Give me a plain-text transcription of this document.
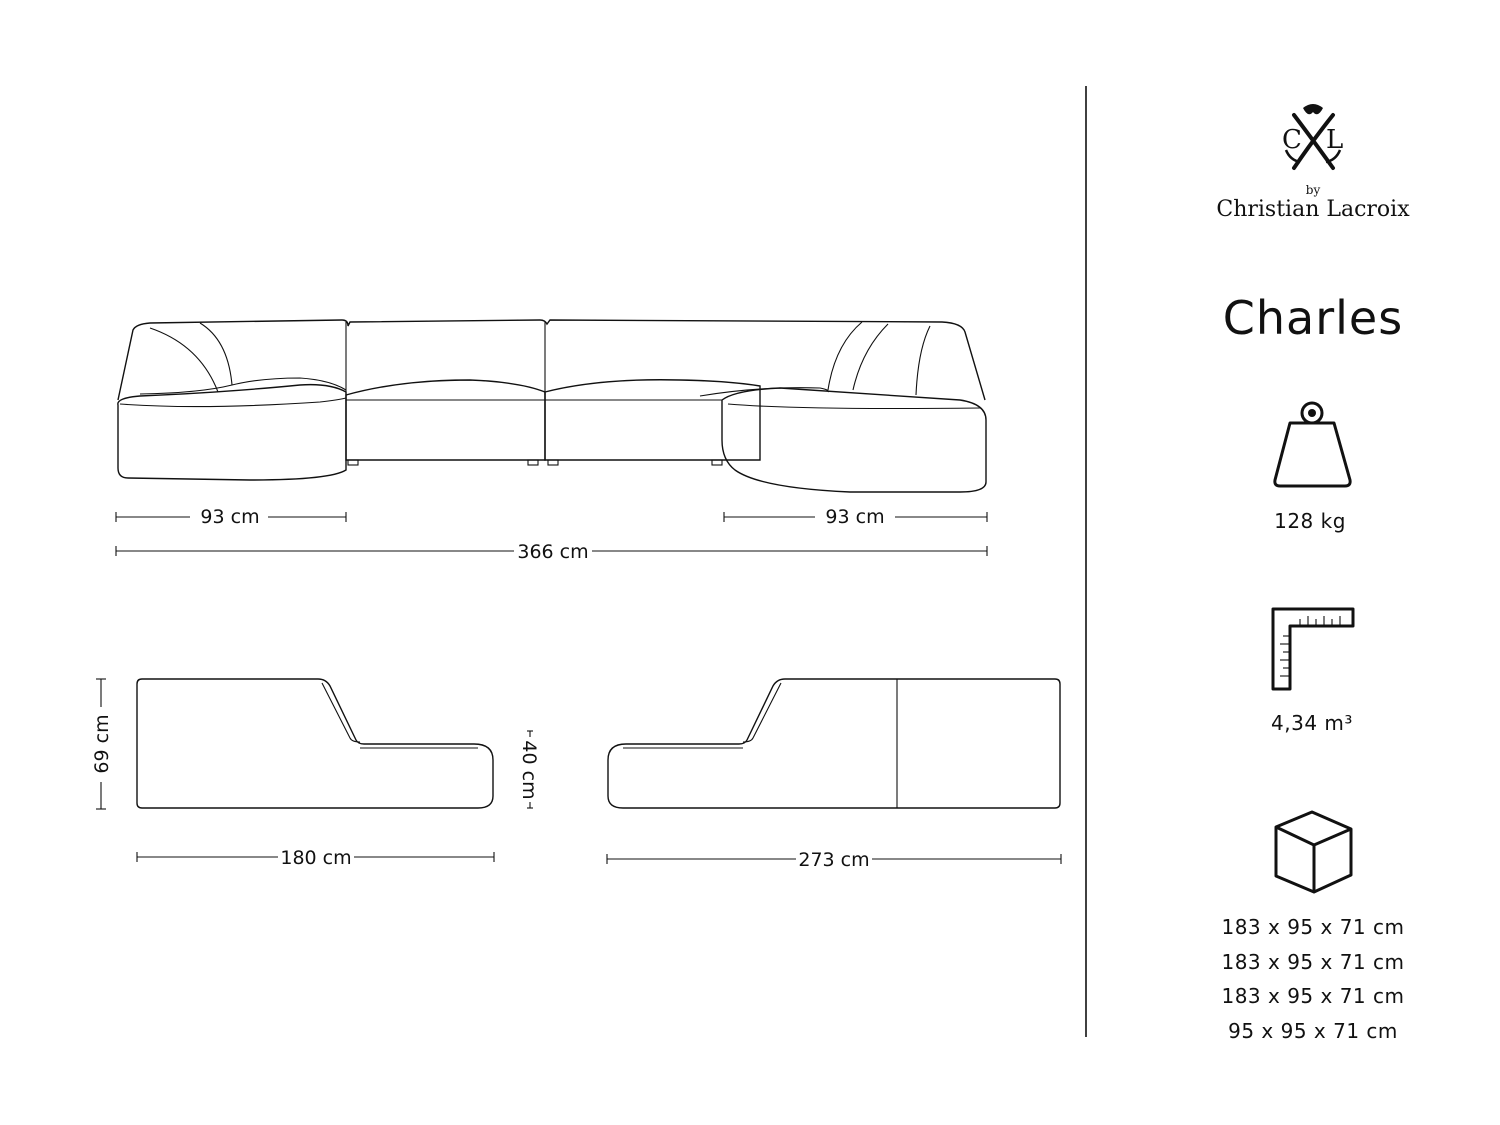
93 cm	93 cm
366 cm
69 cm	40 cm
180 cm	273 cm
C L
by
Christian Lacroix
Charles
128 kg
4,34 m³
183 x 95 x 71 cm
183 x 95 x 71 cm
183 x 95 x 71 cm
95 x 95 x 71 cm
